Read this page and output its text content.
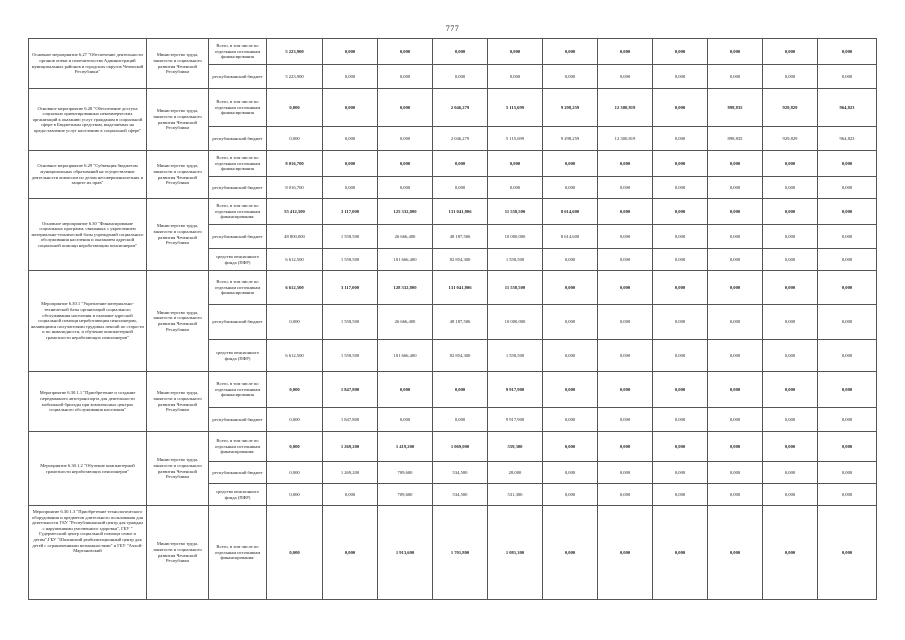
777
Основное мероприятие 6.27 "Обеспечение деятельности органов опеки и попечительства Администраций муниципальных районов и городских округов Чеченской Республики"	Министерство труда, занятости и социального развития Чеченской Республики	Всего, в том числе по отдельным источникам финансирования	5 223,900	0,000	0,000	0,000	0,000	0,000	0,000	0,000	0,000	0,000	0,000
		республиканский бюджет	5 223,900	0,000	0,000	0,000	0,000	0,000	0,000	0,000	0,000	0,000	0,000
Основное мероприятие 6.28 "Обеспечение доступа социально ориентированных некоммерческих организаций к оказанию услуг гражданам в социальной сфере в Бюджетным средствам, выделяемых на предоставление услуг населению в социальной сфере"	Министерство труда, занятости и социального развития Чеченской Республики	Всего, в том числе по отдельным источникам финансирования	0,000	0,000	0,000	2 046,279	5 115,699	9 298,259	12 300,819	0,000	898,835	929,829	964,823
		республиканский бюджет	0,000	0,000	0,000	2 046,279	5 115,699	9 298,259	12 300,819	0,000	898,835	929,829	964,823
Основное мероприятие 6.29 "Субвенция бюджетам муниципальных образований на осуществление деятельности комиссии по делам несовершеннолетних и защите их прав"	Министерство труда, занятости и социального развития Чеченской Республики	Всего, в том числе по отдельным источникам финансирования	8 016,700	0,000	0,000	0,000	0,000	0,000	0,000	0,000	0,000	0,000	0,000
		республиканский бюджет	8 016,700	0,000	0,000	0,000	0,000	0,000	0,000	0,000	0,000	0,000	0,000
Основное мероприятие 6.30 "Финансирование социальных программ, связанных с укреплением материально-технической базы учреждений социального обслуживания населения и оказанием адресной социальной помощи неработающим пенсионерам"	Министерство труда, занятости и социального развития Чеченской Республики	Всего, в том числе по отдельным источникам финансирования:	55 412,500	3 117,000	125 332,800	131 041,806	11 558,500	8 614,600	0,000	0,000	0,000	0,000	0,000
		республиканский бюджет	48 800,000	1 558,500	26 666,400	48 187,506	10 000,000	8 614,600	0,000	0,000	0,000	0,000	0,000
		средства пенсионного фонда (ПФР)	6 612,500	1 558,500	101 666,400	82 854,300	1 558,500	0,000	0,000	0,000	0,000	0,000	0,000
Мероприятие 6.30.1 "Укрепление материально-технической базы организаций социального обслуживания населения и оказание адресной социальной помощи неработающим пенсионерам, являющимся получателями трудовых пенсий по старости и по инвалидности, и обучение компьютерной грамотности неработающих пенсионеров"	Министерство труда, занятости и социального развития Чеченской Республики	Всего, в том числе по отдельным источникам финансирования	6 612,500	3 117,000	128 332,800	131 041,806	11 558,500	0,000	0,000	0,000	0,000	0,000	0,000
		республиканский бюджет	0,000	1 558,500	26 666,400	48 187,506	10 000,000	0,000	0,000	0,000	0,000	0,000	0,000
		средства пенсионного фонда (ПФР)	6 612,500	1 558,500	101 666,400	82 854,300	1 558,500	0,000	0,000	0,000	0,000	0,000	0,000
Мероприятие 6.30.1.1 "Приобретение и создание передвижного автотранспорта для деятельности мобильной бригады при комплексных центрах социального обслуживания населения"	Министерство труда, занятости и социального развития Чеченской Республики	Всего, в том числе по отдельным источникам финансирования	0,000	1 847,800	0,000	0,000	9 917,900	0,000	0,000	0,000	0,000	0,000	0,000
		республиканский бюджет	0,000	1 847,800	0,000	0,000	9 917,900	0,000	0,000	0,000	0,000	0,000	0,000
Мероприятие 6.30.1.2 "Обучение компьютерной грамотности неработающих пенсионеров"	Министерство труда, занятости и социального развития Чеченской Республики	Всего, в том числе по отдельным источникам финансирования:	0,000	1 269,200	1 419,200	1 069,000	559,300	0,000	0,000	0,000	0,000	0,000	0,000
		республиканский бюджет	0,000	1 269,200	709,600	534,500	28,000	0,000	0,000	0,000	0,000	0,000	0,000
		средства пенсионного фонда (ПФР)	0,000	0,000	709,600	534,500	531,300	0,000	0,000	0,000	0,000	0,000	0,000
Мероприятие 6.30.1.3 "Приобретение технологического оборудования и предметов длительного пользования для деятельности ГБУ "Республиканский центр для граждан с нарушениями умственного здоровья", ГБУ " Гудермесский центр социальной помощи семье и детям",ГБУ "Шалинский реабилитационный центр для детей с ограниченными возможностями" и ГБУ "Ачхой-Мартановский	Министерство труда, занятости и социального развития Чеченской Республики	Всего, в том числе по отдельным источникам финансирования:	0,000	0,000	1 913,600	1 701,800	1 081,300	0,000	0,000	0,000	0,000	0,000	0,000
